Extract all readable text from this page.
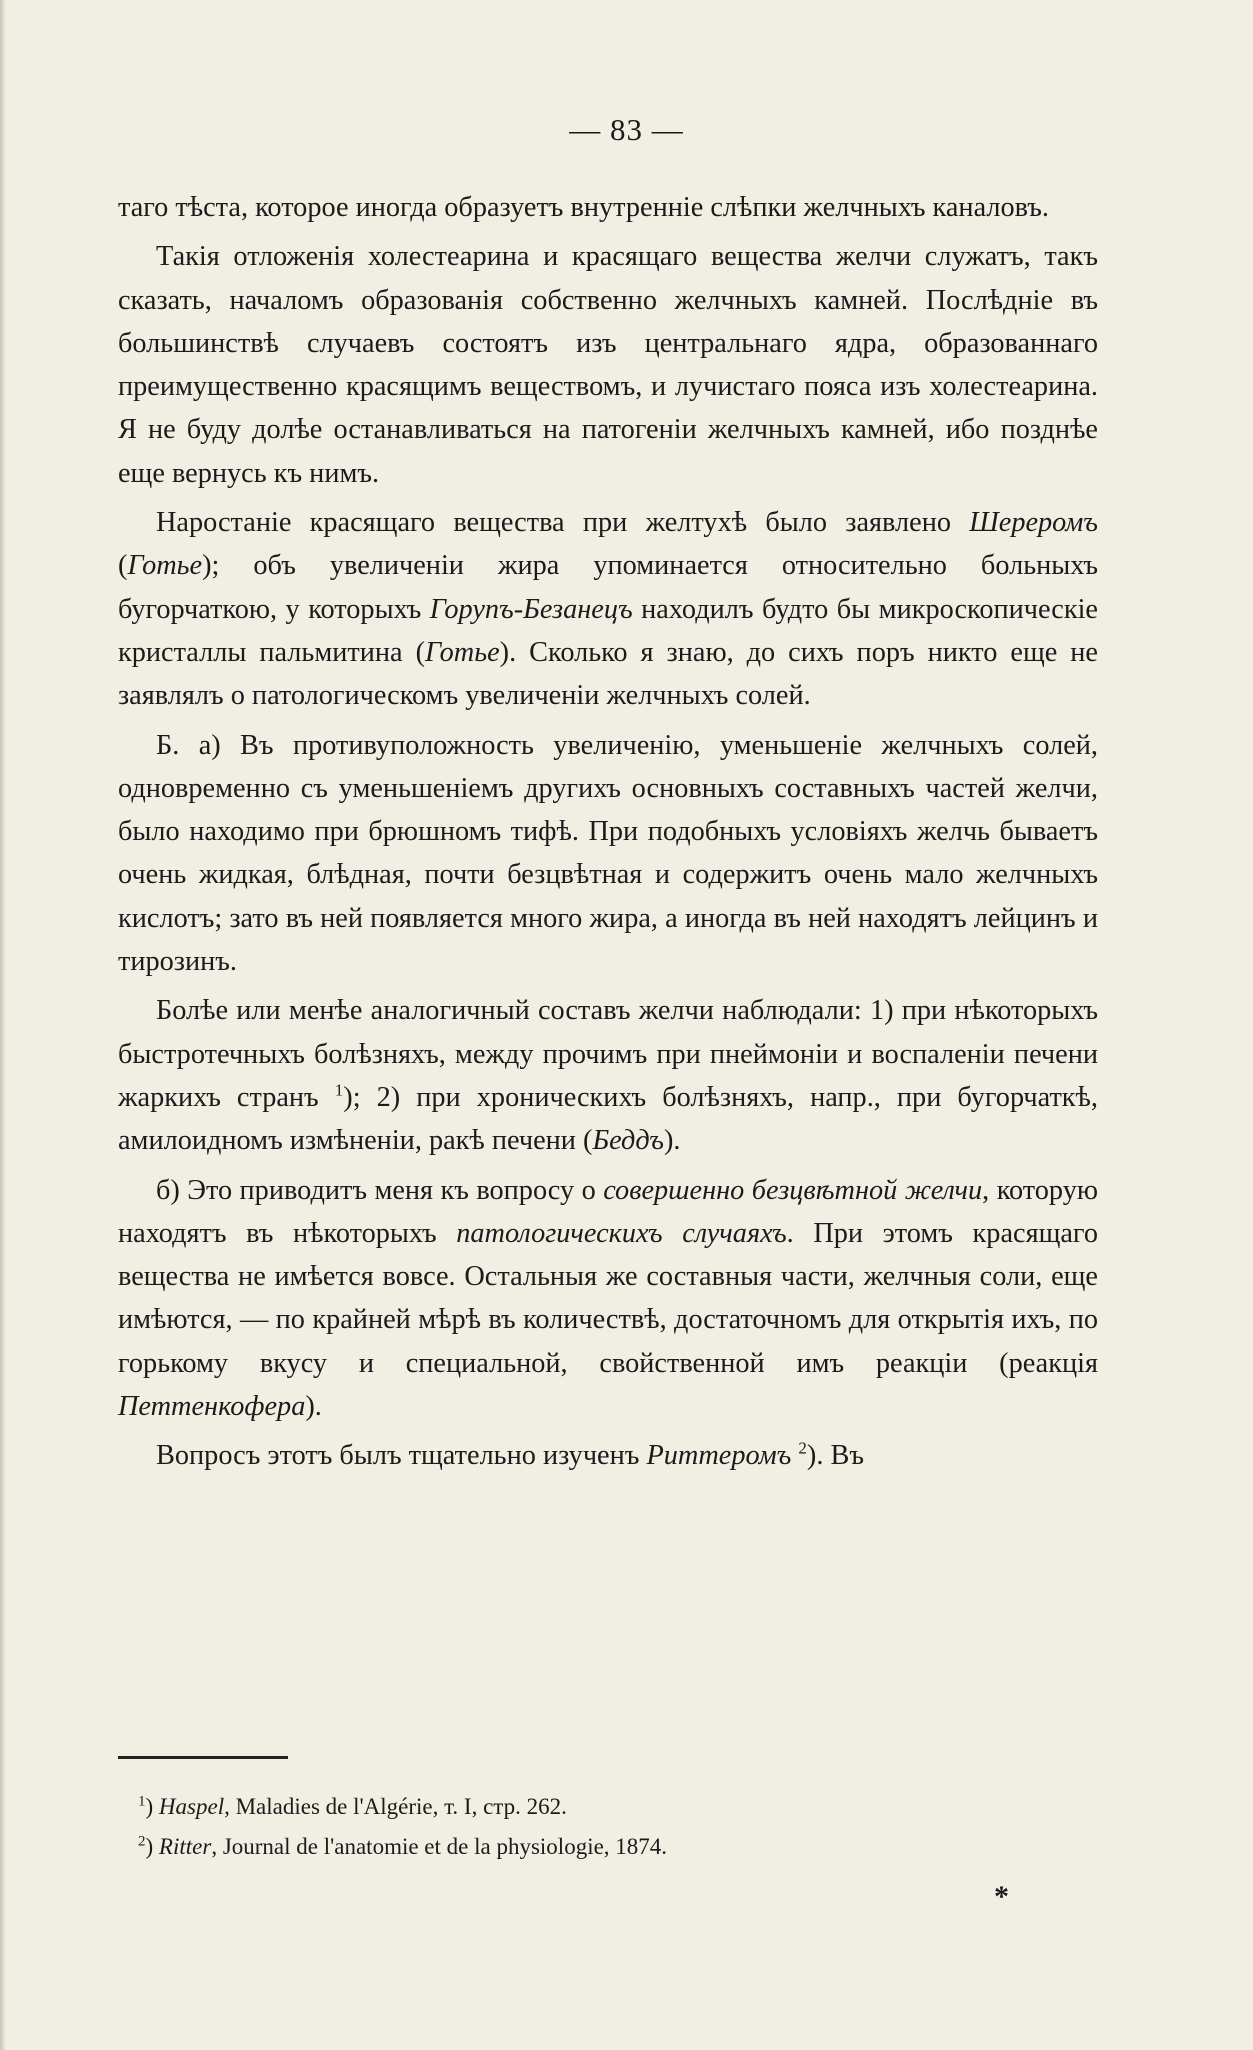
— 83 —

таго тѣста, которое иногда образуетъ внутренніе слѣпки желчныхъ каналовъ.

Такія отложенія холестеарина и красящаго вещества желчи служатъ, такъ сказать, началомъ образованія собственно желчныхъ камней. Послѣдніе въ большинствѣ случаевъ состоятъ изъ центральнаго ядра, образованнаго преимущественно красящимъ веществомъ, и лучистаго пояса изъ холестеарина. Я не буду долѣе останавливаться на патогеніи желчныхъ камней, ибо позднѣе еще вернусь къ нимъ.

Наростаніе красящаго вещества при желтухѣ было заявлено Шереромъ (Готье); объ увеличеніи жира упоминается относительно больныхъ бугорчаткою, у которыхъ Горупъ-Безанецъ находилъ будто бы микроскопическіе кристаллы пальмитина (Готье). Сколько я знаю, до сихъ поръ никто еще не заявлялъ о патологическомъ увеличеніи желчныхъ солей.

Б. а) Въ противуположность увеличенію, уменьшеніе желчныхъ солей, одновременно съ уменьшеніемъ другихъ основныхъ составныхъ частей желчи, было находимо при брюшномъ тифѣ. При подобныхъ условіяхъ желчь бываетъ очень жидкая, блѣдная, почти безцвѣтная и содержитъ очень мало желчныхъ кислотъ; зато въ ней появляется много жира, а иногда въ ней находятъ лейцинъ и тирозинъ.

Болѣе или менѣе аналогичный составъ желчи наблюдали: 1) при нѣкоторыхъ быстротечныхъ болѣзняхъ, между прочимъ при пнеймоніи и воспаленіи печени жаркихъ странъ $^1$); 2) при хроническихъ болѣзняхъ, напр., при бугорчаткѣ, амилоидномъ измѣненіи, ракѣ печени (Беддъ).

б) Это приводитъ меня къ вопросу о совершенно безцвѣтной желчи, которую находятъ въ нѣкоторыхъ патологическихъ случаяхъ. При этомъ красящаго вещества не имѣется вовсе. Остальныя же составныя части, желчныя соли, еще имѣются, — по крайней мѣрѣ въ количествѣ, достаточномъ для открытія ихъ, по горькому вкусу и специальной, свойственной имъ реакціи (реакція Петтенкофера).

Вопросъ этотъ былъ тщательно изученъ Риттеромъ $^2$). Въ

$^1$) Haspel, Maladies de l'Algérie, т. I, стр. 262.
$^2$) Ritter, Journal de l'anatomie et de la physiologie, 1874.
*
